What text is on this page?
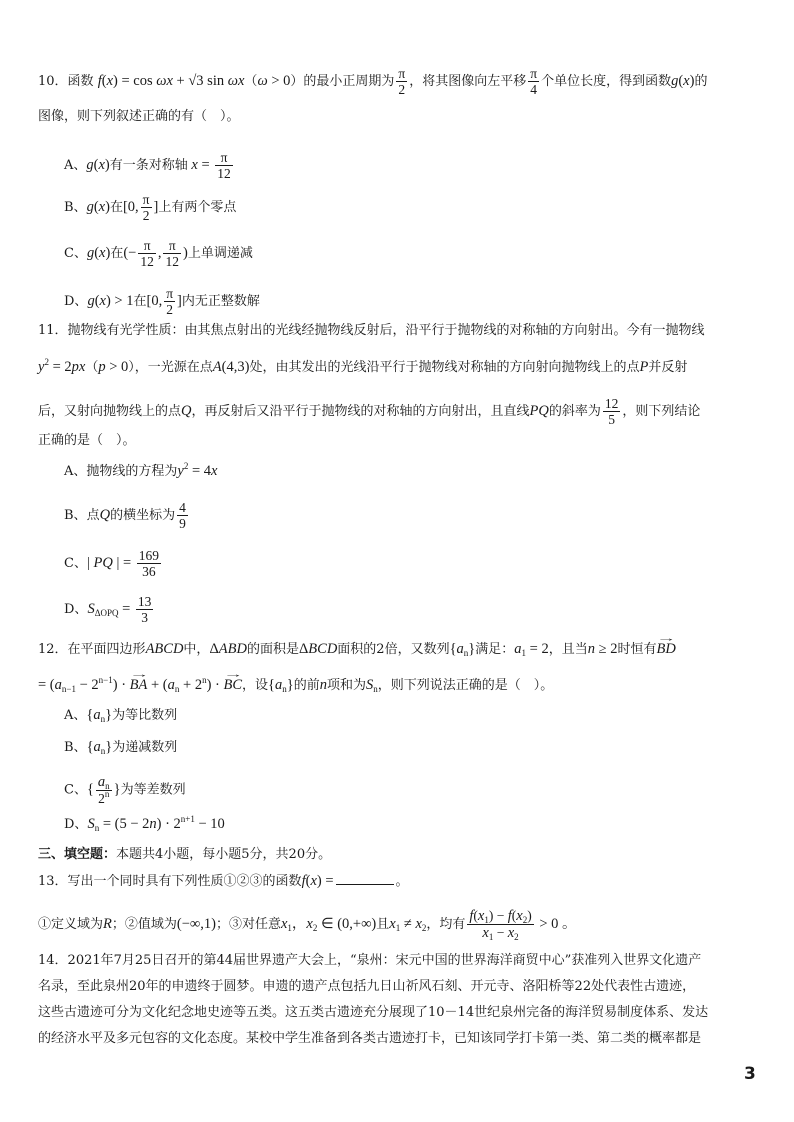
10．函数 f(x) = cos ωx + √3 sin ωx（ω > 0）的最小正周期为 $\frac{\pi}{2}$ ，将其图像向左平移 $\frac{\pi}{4}$ 个单位长度，得到函数g(x)的
图像，则下列叙述正确的有（　）。
A、g(x)有一条对称轴 $x = \frac{\pi}{12}$
B、g(x)在[0, $\frac{\pi}{2}$ ]上有两个零点
C、g(x)在(− $\frac{\pi}{12}$ , $\frac{\pi}{12}$ )上单调递减
D、g(x) > 1在[0, $\frac{\pi}{2}$ ]内无正整数解
11．抛物线有光学性质：由其焦点射出的光线经抛物线反射后，沿平行于抛物线的对称轴的方向射出。今有一抛物线
$y^2 = 2px(p > 0)$，一光源在点A(4,3)处，由其发出的光线沿平行于抛物线对称轴的方向射向抛物线上的点P并反射
后，又射向抛物线上的点Q，再反射后又沿平行于抛物线的对称轴的方向射出，且直线PQ的斜率为 $\frac{12}{5}$ ，则下列结论
正确的是（　）。
A、抛物线的方程为$y^2 = 4x$
B、点Q的横坐标为 $\frac{4}{9}$
C、| PQ | = $\frac{169}{36}$
D、$S_{\Delta OPQ} = \frac{13}{3}$
12．在平面四边形ABCD中，ΔABD的面积是ΔBCD面积的2倍，又数列$\{a_n\}$满足：$a_1 = 2$，且当n ≥ 2时恒有→ BD
= $(a_{n-1} - 2^{n-1})$ · → BA + $(a_n + 2^n)$ · → BC，设$\{a_n\}$的前n项和为$S_n$，则下列说法正确的是（　）。
A、$\{a_n\}$为等比数列
B、$\{a_n\}$为递减数列
C、{ $\frac{a_n}{2^n}$ }为等差数列
D、$S_n = (5 - 2n) \cdot 2^{n+1} - 10$
三、填空题：本题共4小题，每小题5分，共20分。
13．写出一个同时具有下列性质①②③的函数f(x) =	。
①定义域为R；②值域为(−∞,1)；③对任意$x_1$，$x_2$ ∈ (0,+∞)且$x_1 \ne x_2$，均有 $\frac{f(x_1) - f(x_2)}{x_1 - x_2} > 0$ 。
14．2021年7月25日召开的第44届世界遗产大会上，“泉州：宋元中国的世界海洋商贸中心”获准列入世界文化遗产
名录，至此泉州20年的申遗终于圆梦。申遗的遗产点包括九日山祈风石刻、开元寺、洛阳桥等22处代表性古遗迹，
这些古遗迹可分为文化纪念地史迹等五类。这五类古遗迹充分展现了10－14世纪泉州完备的海洋贸易制度体系、发达
的经济水平及多元包容的文化态度。某校中学生准备到各类古遗迹打卡，已知该同学打卡第一类、第二类的概率都是
3
